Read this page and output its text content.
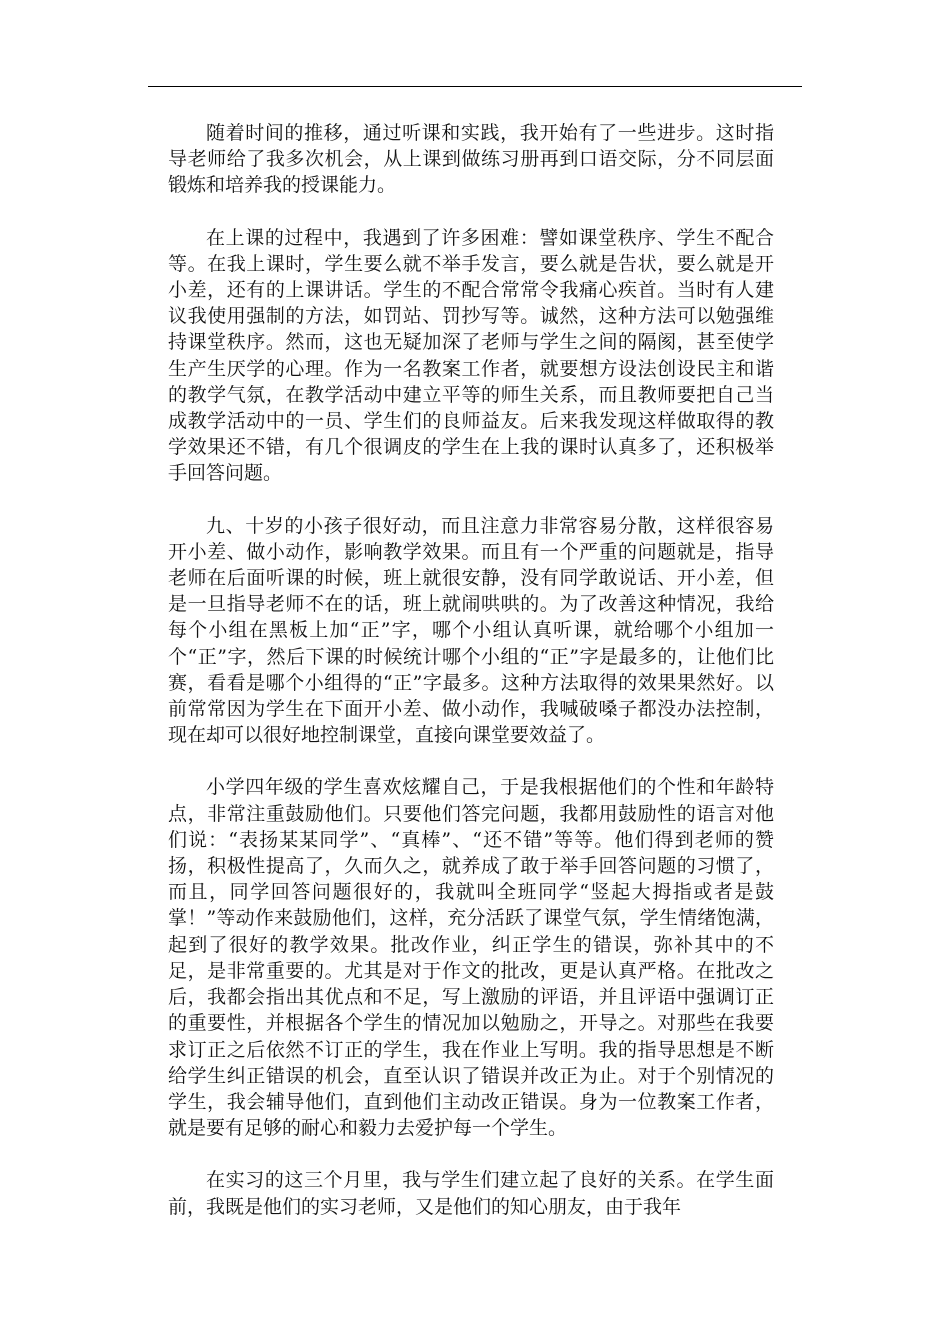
随着时间的推移，通过听课和实践，我开始有了一些进步。这时指导老师给了我多次机会，从上课到做练习册再到口语交际，分不同层面锻炼和培养我的授课能力。

在上课的过程中，我遇到了许多困难：譬如课堂秩序、学生不配合等。在我上课时，学生要么就不举手发言，要么就是告状，要么就是开小差，还有的上课讲话。学生的不配合常常令我痛心疾首。当时有人建议我使用强制的方法，如罚站、罚抄写等。诚然，这种方法可以勉强维持课堂秩序。然而，这也无疑加深了老师与学生之间的隔阂，甚至使学生产生厌学的心理。作为一名教案工作者，就要想方设法创设民主和谐的教学气氛，在教学活动中建立平等的师生关系，而且教师要把自己当成教学活动中的一员、学生们的良师益友。后来我发现这样做取得的教学效果还不错，有几个很调皮的学生在上我的课时认真多了，还积极举手回答问题。

九、十岁的小孩子很好动，而且注意力非常容易分散，这样很容易开小差、做小动作，影响教学效果。而且有一个严重的问题就是，指导老师在后面听课的时候，班上就很安静，没有同学敢说话、开小差，但是一旦指导老师不在的话，班上就闹哄哄的。为了改善这种情况，我给每个小组在黑板上加“正”字，哪个小组认真听课，就给哪个小组加一个“正”字，然后下课的时候统计哪个小组的“正”字是最多的，让他们比赛，看看是哪个小组得的“正”字最多。这种方法取得的效果果然好。以前常常因为学生在下面开小差、做小动作，我喊破嗓子都没办法控制，现在却可以很好地控制课堂，直接向课堂要效益了。

小学四年级的学生喜欢炫耀自己，于是我根据他们的个性和年龄特点，非常注重鼓励他们。只要他们答完问题，我都用鼓励性的语言对他们说：“表扬某某同学”、“真棒”、“还不错”等等。他们得到老师的赞扬，积极性提高了，久而久之，就养成了敢于举手回答问题的习惯了，而且，同学回答问题很好的，我就叫全班同学“竖起大拇指或者是鼓掌！”等动作来鼓励他们，这样，充分活跃了课堂气氛，学生情绪饱满，起到了很好的教学效果。批改作业，纠正学生的错误，弥补其中的不足，是非常重要的。尤其是对于作文的批改，更是认真严格。在批改之后，我都会指出其优点和不足，写上激励的评语，并且评语中强调订正的重要性，并根据各个学生的情况加以勉励之，开导之。对那些在我要求订正之后依然不订正的学生，我在作业上写明。我的指导思想是不断给学生纠正错误的机会，直至认识了错误并改正为止。对于个别情况的学生，我会辅导他们，直到他们主动改正错误。身为一位教案工作者，就是要有足够的耐心和毅力去爱护每一个学生。

在实习的这三个月里，我与学生们建立起了良好的关系。在学生面前，我既是他们的实习老师，又是他们的知心朋友，由于我年
